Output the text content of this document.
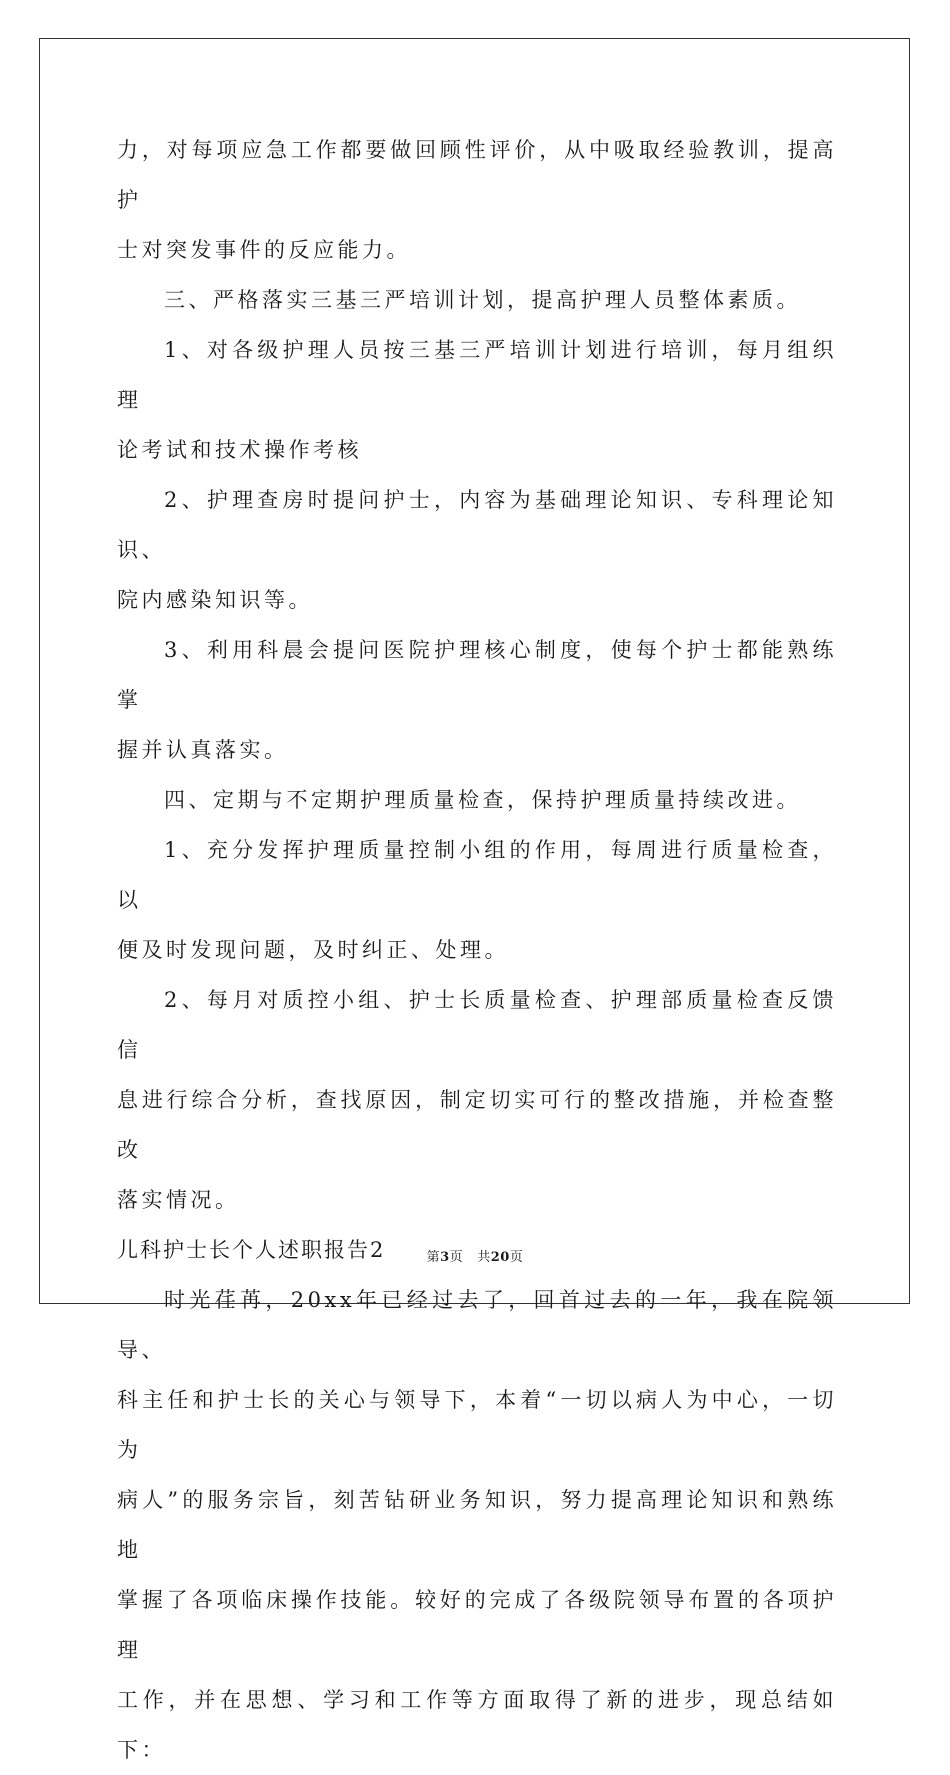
力，对每项应急工作都要做回顾性评价，从中吸取经验教训，提高护
士对突发事件的反应能力。

三、严格落实三基三严培训计划，提高护理人员整体素质。

1、对各级护理人员按三基三严培训计划进行培训，每月组织理
论考试和技术操作考核

2、护理查房时提问护士，内容为基础理论知识、专科理论知识、
院内感染知识等。

3、利用科晨会提问医院护理核心制度，使每个护士都能熟练掌
握并认真落实。

四、定期与不定期护理质量检查，保持护理质量持续改进。

1、充分发挥护理质量控制小组的作用，每周进行质量检查，以
便及时发现问题，及时纠正、处理。

2、每月对质控小组、护士长质量检查、护理部质量检查反馈信
息进行综合分析，查找原因，制定切实可行的整改措施，并检查整改
落实情况。

儿科护士长个人述职报告2

时光荏苒，20xx年已经过去了，回首过去的一年，我在院领导、
科主任和护士长的关心与领导下，本着“一切以病人为中心，一切为
病人”的服务宗旨，刻苦钻研业务知识，努力提高理论知识和熟练地
掌握了各项临床操作技能。较好的完成了各级院领导布置的各项护理
工作，并在思想、学习和工作等方面取得了新的进步，现总结如下：

第3页 共20页
